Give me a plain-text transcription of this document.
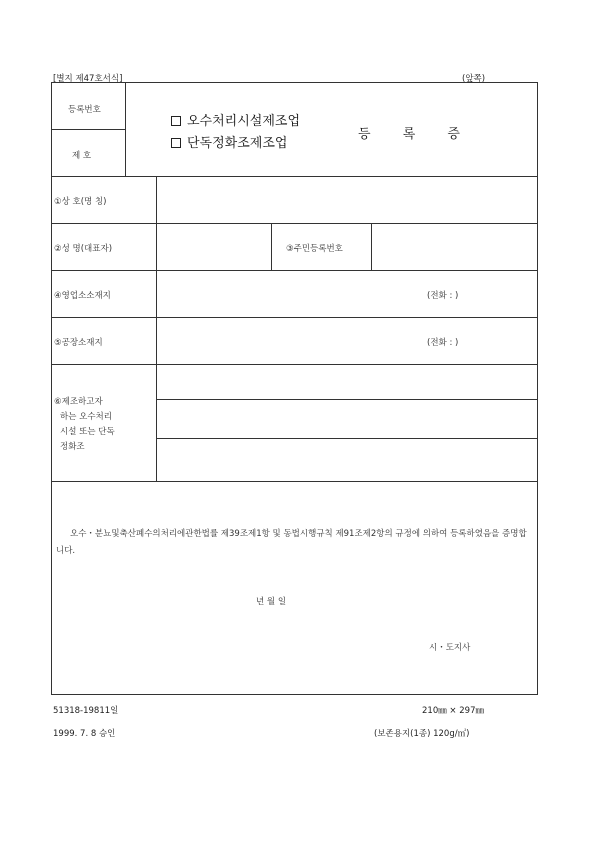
[별지 제47호서식]	(앞쪽)
등록번호
제 호
오수처리시설제조업
단독정화조제조업
등 록 증
①상 호(명 칭)
②성 명(대표자)	③주민등록번호
④영업소소재지	(전화 : )
⑤공장소재지	(전화 : )
⑥제조하고자
하는 오수처리
시설 또는 단독
정화조
오수・분뇨및축산폐수의처리에관한법률 제39조제1항 및 동법시행규칙 제91조제2항의 규정에 의하여 등록하였음을 증명합니다.
년 월 일
시・도지사
51318-19811일	210㎜ × 297㎜
1999. 7. 8 승인	(보존용지(1종) 120g/㎡)
